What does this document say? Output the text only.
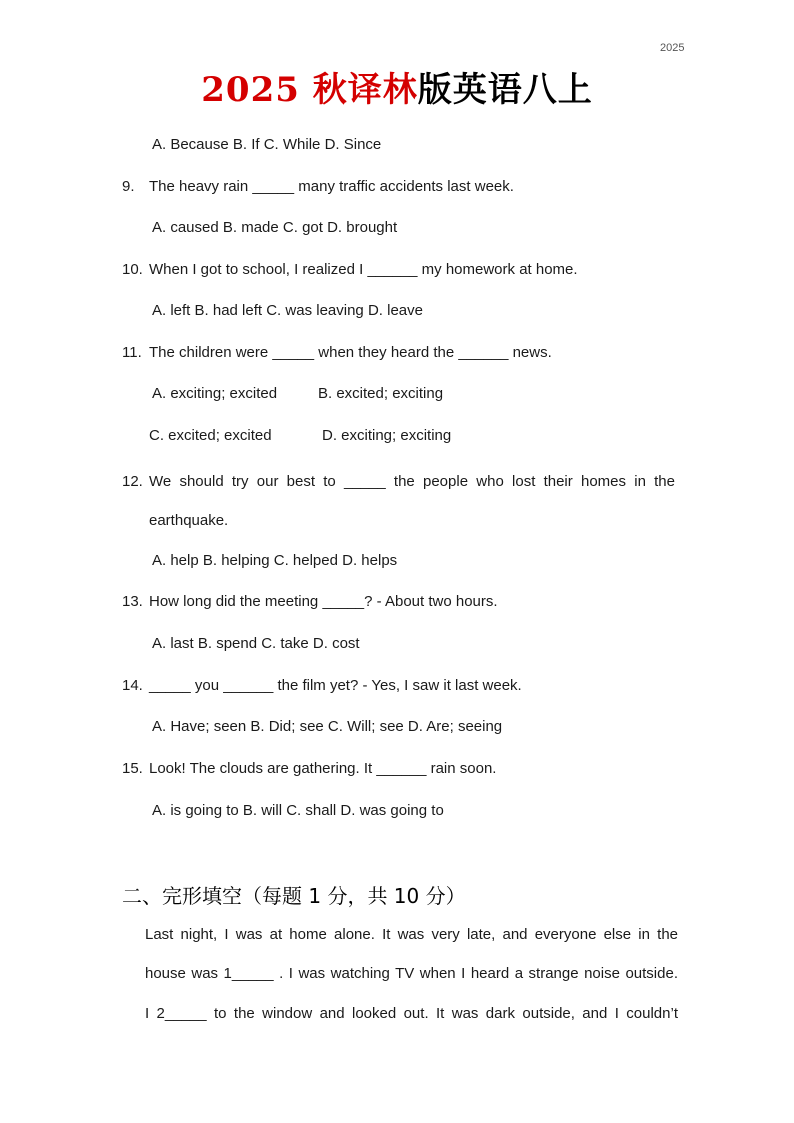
2025
2025 秋译林版英语八上
A. Because B. If C. While D. Since
9. The heavy rain _____ many traffic accidents last week.
A. caused B. made C. got D. brought
10. When I got to school, I realized I ______ my homework at home.
A. left B. had left C. was leaving D. leave
11. The children were _____ when they heard the ______ news.
A. exciting; excited	B. excited; exciting
C. excited; excited	D. exciting; exciting
12. We should try our best to _____ the people who lost their homes in the
earthquake.
A. help B. helping C. helped D. helps
13. How long did the meeting _____? - About two hours.
A. last B. spend C. take D. cost
14. _____ you ______ the film yet? - Yes, I saw it last week.
A. Have; seen B. Did; see C. Will; see D. Are; seeing
15. Look! The clouds are gathering. It ______ rain soon.
A. is going to B. will C. shall D. was going to
二、完形填空（每题 1 分，共 10 分）
Last night, I was at home alone. It was very late, and everyone else in the
house was 1_____ . I was watching TV when I heard a strange noise outside.
I 2_____ to the window and looked out. It was dark outside, and I couldn’t
